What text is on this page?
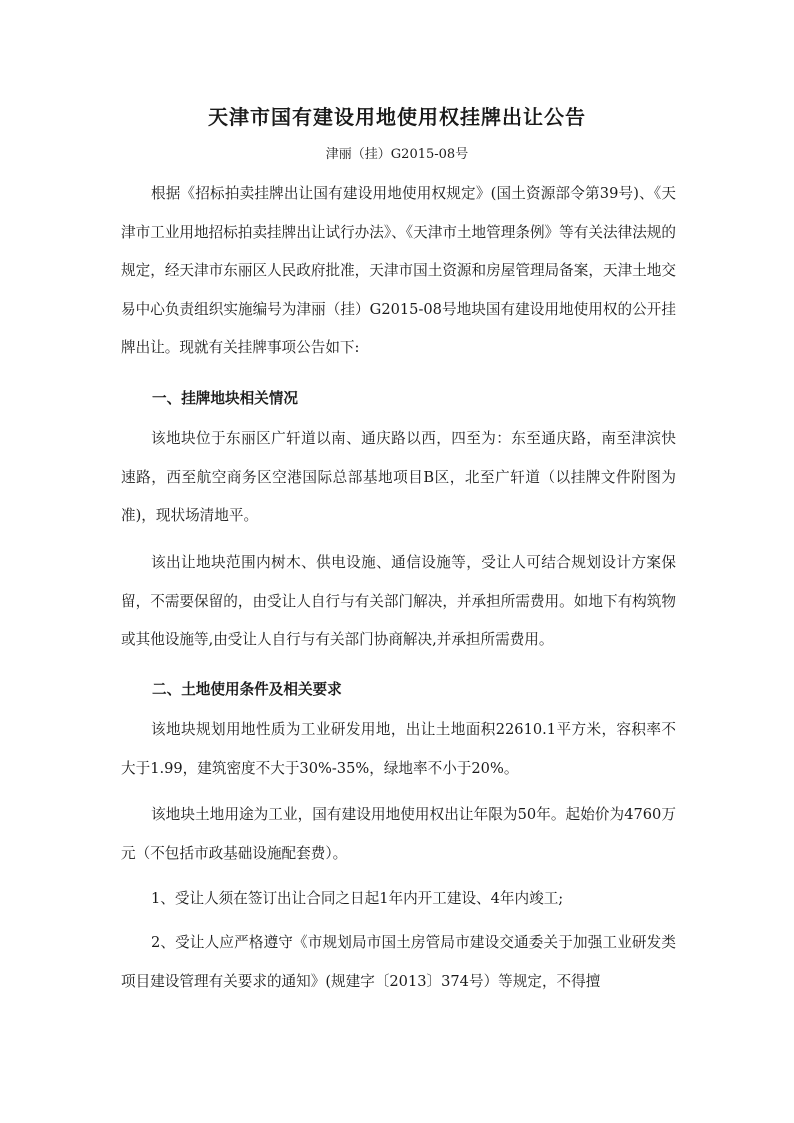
天津市国有建设用地使用权挂牌出让公告
津丽（挂）G2015-08号

根据《招标拍卖挂牌出让国有建设用地使用权规定》(国土资源部令第39号)、《天津市工业用地招标拍卖挂牌出让试行办法》、《天津市土地管理条例》等有关法律法规的规定，经天津市东丽区人民政府批准，天津市国土资源和房屋管理局备案，天津土地交易中心负责组织实施编号为津丽（挂）G2015-08号地块国有建设用地使用权的公开挂牌出让。现就有关挂牌事项公告如下:

一、挂牌地块相关情况

该地块位于东丽区广轩道以南、通庆路以西，四至为：东至通庆路，南至津滨快速路，西至航空商务区空港国际总部基地项目B区，北至广轩道（以挂牌文件附图为准)，现状场清地平。

该出让地块范围内树木、供电设施、通信设施等，受让人可结合规划设计方案保留，不需要保留的，由受让人自行与有关部门解决，并承担所需费用。如地下有构筑物或其他设施等,由受让人自行与有关部门协商解决,并承担所需费用。

二、土地使用条件及相关要求

该地块规划用地性质为工业研发用地，出让土地面积22610.1平方米，容积率不大于1.99，建筑密度不大于30%-35%，绿地率不小于20%。

该地块土地用途为工业，国有建设用地使用权出让年限为50年。起始价为4760万元（不包括市政基础设施配套费）。

1、受让人须在签订出让合同之日起1年内开工建设、4年内竣工;

2、受让人应严格遵守《市规划局市国土房管局市建设交通委关于加强工业研发类项目建设管理有关要求的通知》(规建字〔2013〕374号）等规定，不得擅
